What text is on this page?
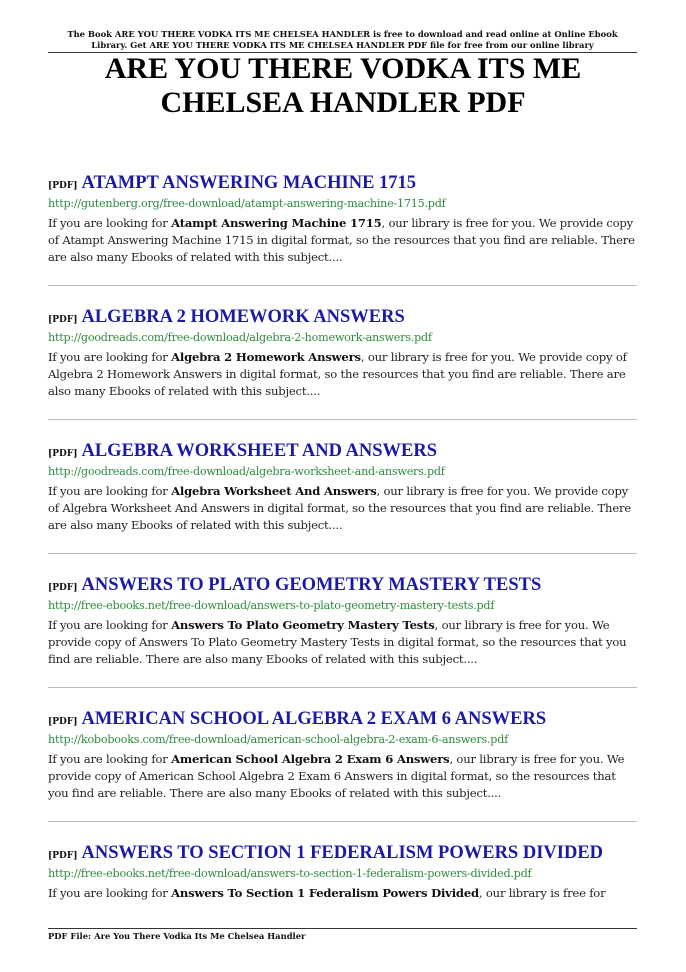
The Book ARE YOU THERE VODKA ITS ME CHELSEA HANDLER is free to download and read online at Online Ebook Library. Get ARE YOU THERE VODKA ITS ME CHELSEA HANDLER PDF file for free from our online library
ARE YOU THERE VODKA ITS ME CHELSEA HANDLER PDF
[PDF] ATAMPT ANSWERING MACHINE 1715
http://gutenberg.org/free-download/atampt-answering-machine-1715.pdf

If you are looking for Atampt Answering Machine 1715, our library is free for you. We provide copy of Atampt Answering Machine 1715 in digital format, so the resources that you find are reliable. There are also many Ebooks of related with this subject....

[PDF] ALGEBRA 2 HOMEWORK ANSWERS
http://goodreads.com/free-download/algebra-2-homework-answers.pdf

If you are looking for Algebra 2 Homework Answers, our library is free for you. We provide copy of Algebra 2 Homework Answers in digital format, so the resources that you find are reliable. There are also many Ebooks of related with this subject....

[PDF] ALGEBRA WORKSHEET AND ANSWERS
http://goodreads.com/free-download/algebra-worksheet-and-answers.pdf

If you are looking for Algebra Worksheet And Answers, our library is free for you. We provide copy of Algebra Worksheet And Answers in digital format, so the resources that you find are reliable. There are also many Ebooks of related with this subject....

[PDF] ANSWERS TO PLATO GEOMETRY MASTERY TESTS
http://free-ebooks.net/free-download/answers-to-plato-geometry-mastery-tests.pdf

If you are looking for Answers To Plato Geometry Mastery Tests, our library is free for you. We provide copy of Answers To Plato Geometry Mastery Tests in digital format, so the resources that you find are reliable. There are also many Ebooks of related with this subject....

[PDF] AMERICAN SCHOOL ALGEBRA 2 EXAM 6 ANSWERS
http://kobobooks.com/free-download/american-school-algebra-2-exam-6-answers.pdf

If you are looking for American School Algebra 2 Exam 6 Answers, our library is free for you. We provide copy of American School Algebra 2 Exam 6 Answers in digital format, so the resources that you find are reliable. There are also many Ebooks of related with this subject....

[PDF] ANSWERS TO SECTION 1 FEDERALISM POWERS DIVIDED
http://free-ebooks.net/free-download/answers-to-section-1-federalism-powers-divided.pdf

If you are looking for Answers To Section 1 Federalism Powers Divided, our library is free for

PDF File: Are You There Vodka Its Me Chelsea Handler
